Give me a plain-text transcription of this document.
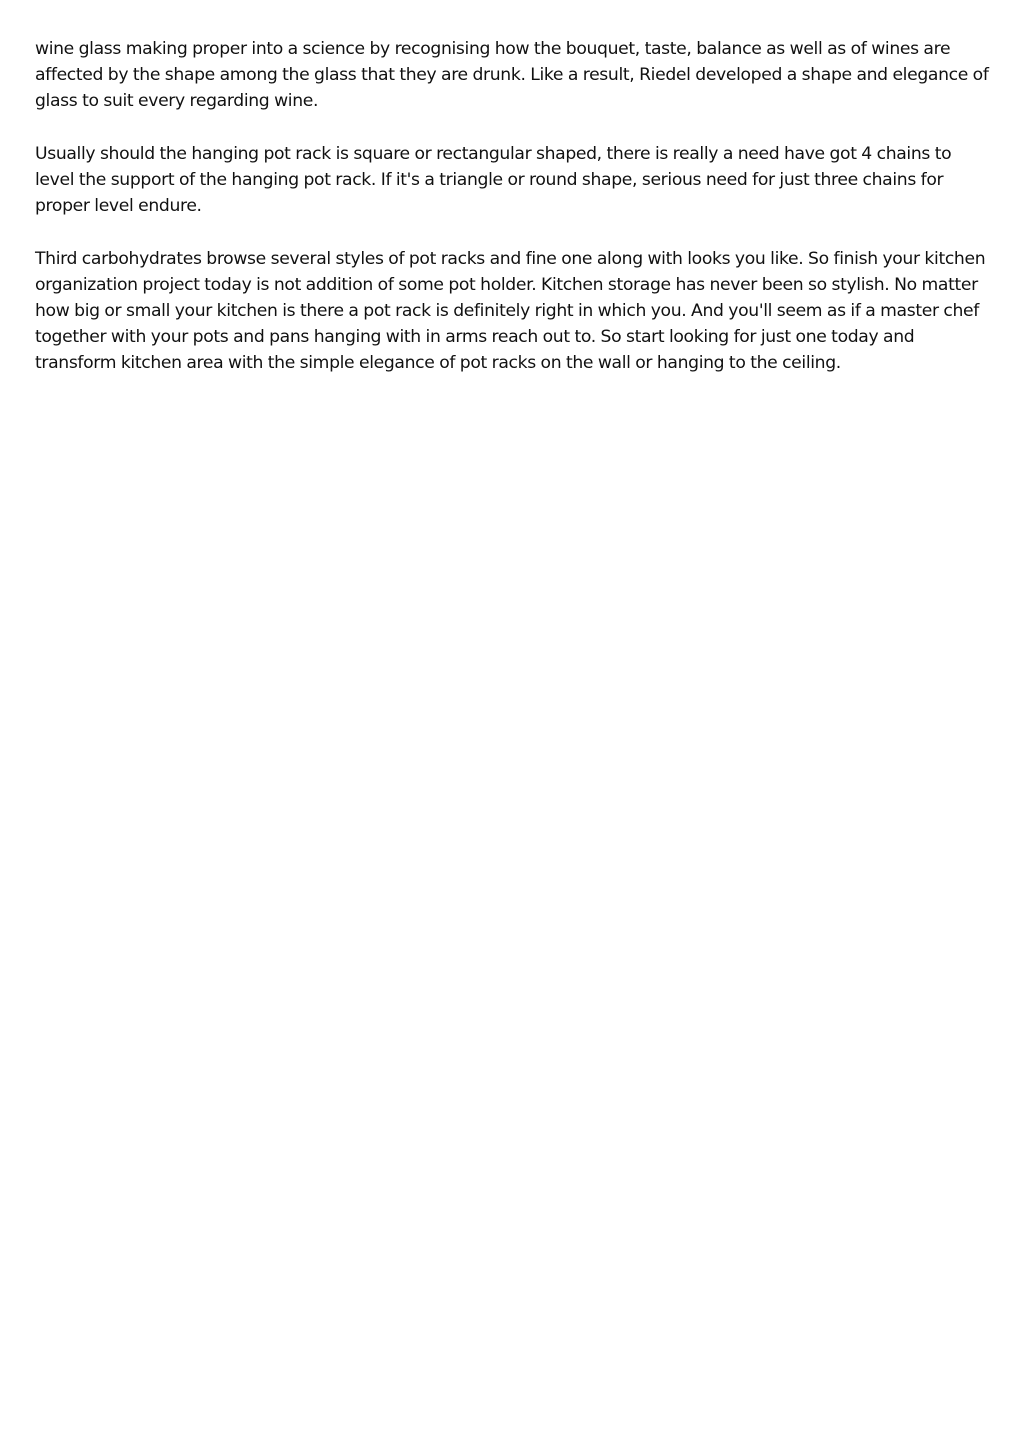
wine glass making proper into a science by recognising how the bouquet, taste, balance as well as of wines are affected by the shape among the glass that they are drunk. Like a result, Riedel developed a shape and elegance of glass to suit every regarding wine.

Usually should the hanging pot rack is square or rectangular shaped, there is really a need have got 4 chains to level the support of the hanging pot rack. If it's a triangle or round shape, serious need for just three chains for proper level endure.

Third carbohydrates browse several styles of pot racks and fine one along with looks you like. So finish your kitchen organization project today is not addition of some pot holder. Kitchen storage has never been so stylish. No matter how big or small your kitchen is there a pot rack is definitely right in which you. And you'll seem as if a master chef together with your pots and pans hanging with in arms reach out to. So start looking for just one today and transform kitchen area with the simple elegance of pot racks on the wall or hanging to the ceiling.
